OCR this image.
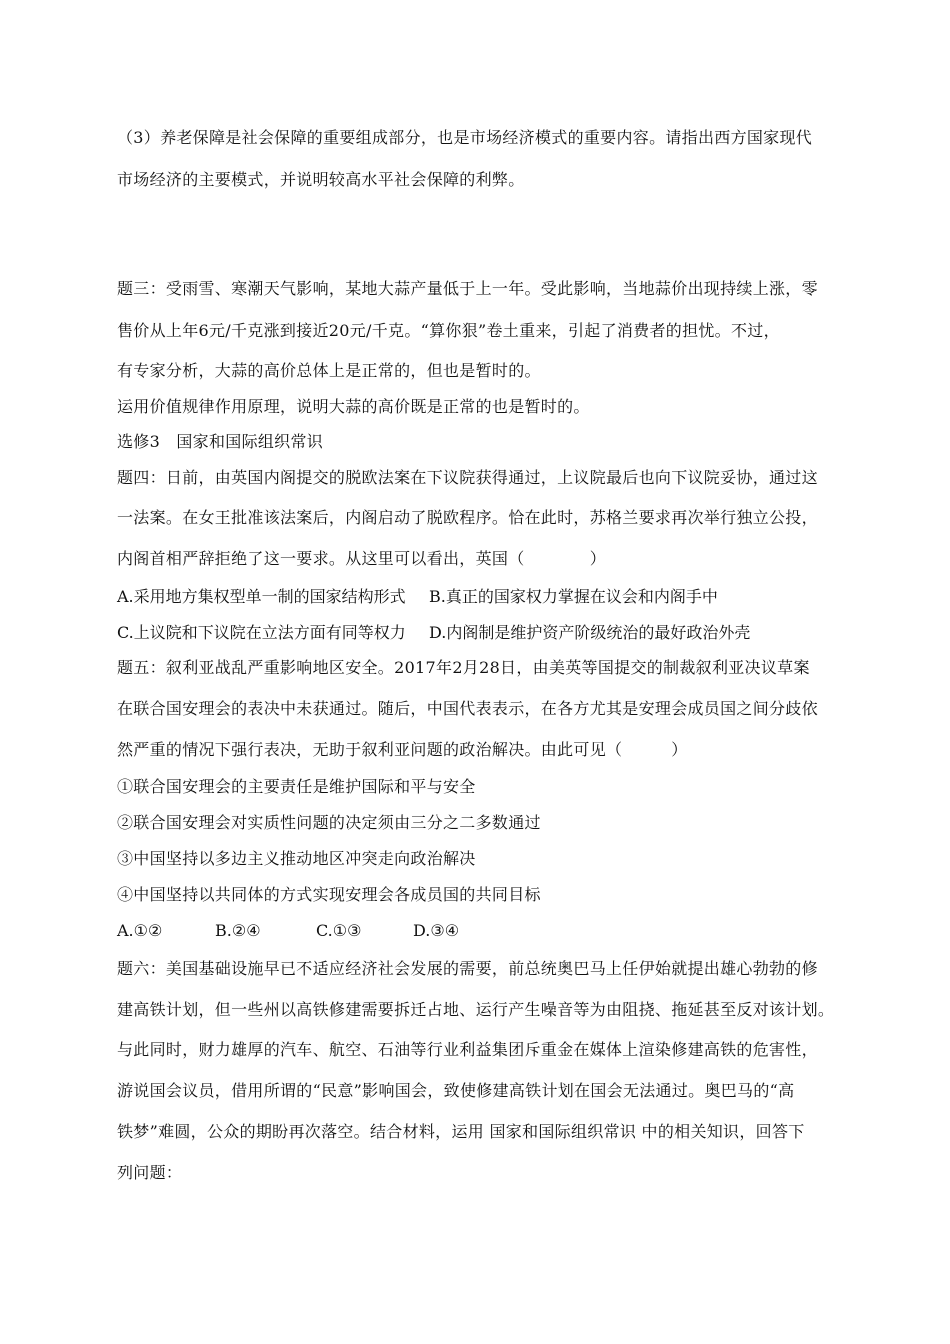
（3）养老保障是社会保障的重要组成部分，也是市场经济模式的重要内容。请指出西方国家现代
市场经济的主要模式，并说明较高水平社会保障的利弊。
题三：受雨雪、寒潮天气影响，某地大蒜产量低于上一年。受此影响，当地蒜价出现持续上涨，零
售价从上年6元/千克涨到接近20元/千克。“算你狠”卷土重来，引起了消费者的担忧。不过，
有专家分析，大蒜的高价总体上是正常的，但也是暂时的。
运用价值规律作用原理，说明大蒜的高价既是正常的也是暂时的。
选修3　国家和国际组织常识
题四：日前，由英国内阁提交的脱欧法案在下议院获得通过，上议院最后也向下议院妥协，通过这
一法案。在女王批准该法案后，内阁启动了脱欧程序。恰在此时，苏格兰要求再次举行独立公投，
内阁首相严辞拒绝了这一要求。从这里可以看出，英国（　　　　）
A.采用地方集权型单一制的国家结构形式 B.真正的国家权力掌握在议会和内阁手中
C.上议院和下议院在立法方面有同等权力 D.内阁制是维护资产阶级统治的最好政治外壳
题五：叙利亚战乱严重影响地区安全。2017年2月28日，由美英等国提交的制裁叙利亚决议草案
在联合国安理会的表决中未获通过。随后，中国代表表示，在各方尤其是安理会成员国之间分歧依
然严重的情况下强行表决，无助于叙利亚问题的政治解决。由此可见（　　　）
①联合国安理会的主要责任是维护国际和平与安全
②联合国安理会对实质性问题的决定须由三分之二多数通过
③中国坚持以多边主义推动地区冲突走向政治解决
④中国坚持以共同体的方式实现安理会各成员国的共同目标
A.①②	B.②④	C.①③	D.③④
题六：美国基础设施早已不适应经济社会发展的需要，前总统奥巴马上任伊始就提出雄心勃勃的修
建高铁计划，但一些州以高铁修建需要拆迁占地、运行产生噪音等为由阻挠、拖延甚至反对该计划。
与此同时，财力雄厚的汽车、航空、石油等行业利益集团斥重金在媒体上渲染修建高铁的危害性，
游说国会议员，借用所谓的“民意”影响国会，致使修建高铁计划在国会无法通过。奥巴马的“高
铁梦”难圆，公众的期盼再次落空。结合材料，运用 国家和国际组织常识 中的相关知识，回答下
列问题：
